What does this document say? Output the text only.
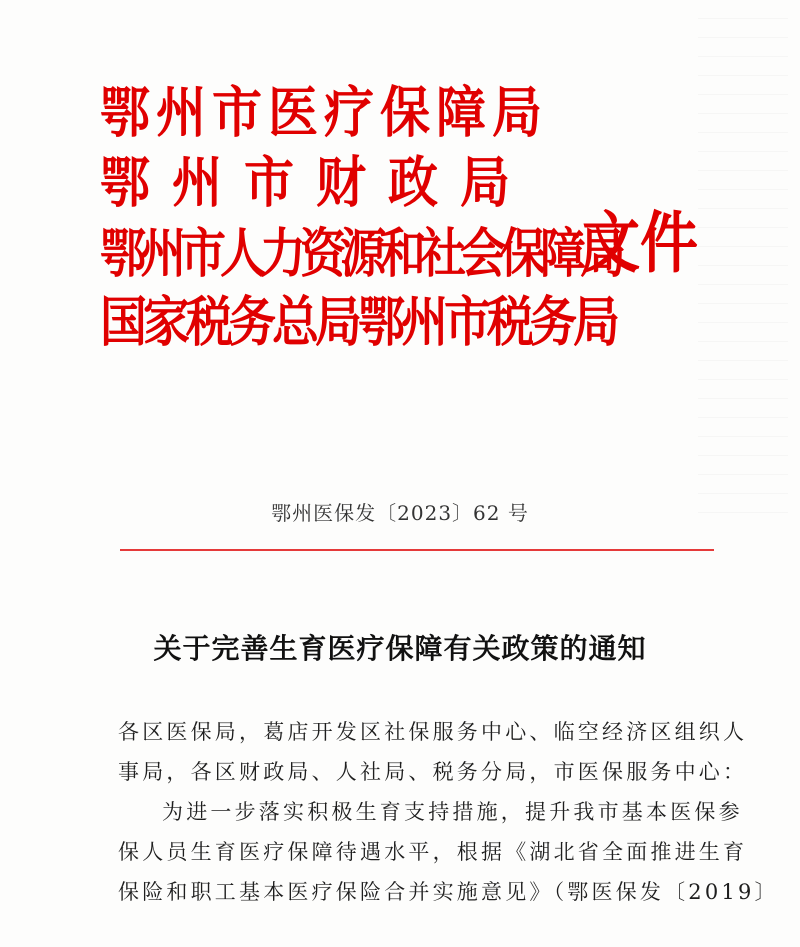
鄂州市医疗保障局
鄂州市财政局
鄂州市人力资源和社会保障局
国家税务总局鄂州市税务局
文件
鄂州医保发〔2023〕62 号
关于完善生育医疗保障有关政策的通知
各区医保局，葛店开发区社保服务中心、临空经济区组织人
事局，各区财政局、人社局、税务分局，市医保服务中心：
为进一步落实积极生育支持措施，提升我市基本医保参
保人员生育医疗保障待遇水平，根据《湖北省全面推进生育
保险和职工基本医疗保险合并实施意见》（鄂医保发〔2019〕
